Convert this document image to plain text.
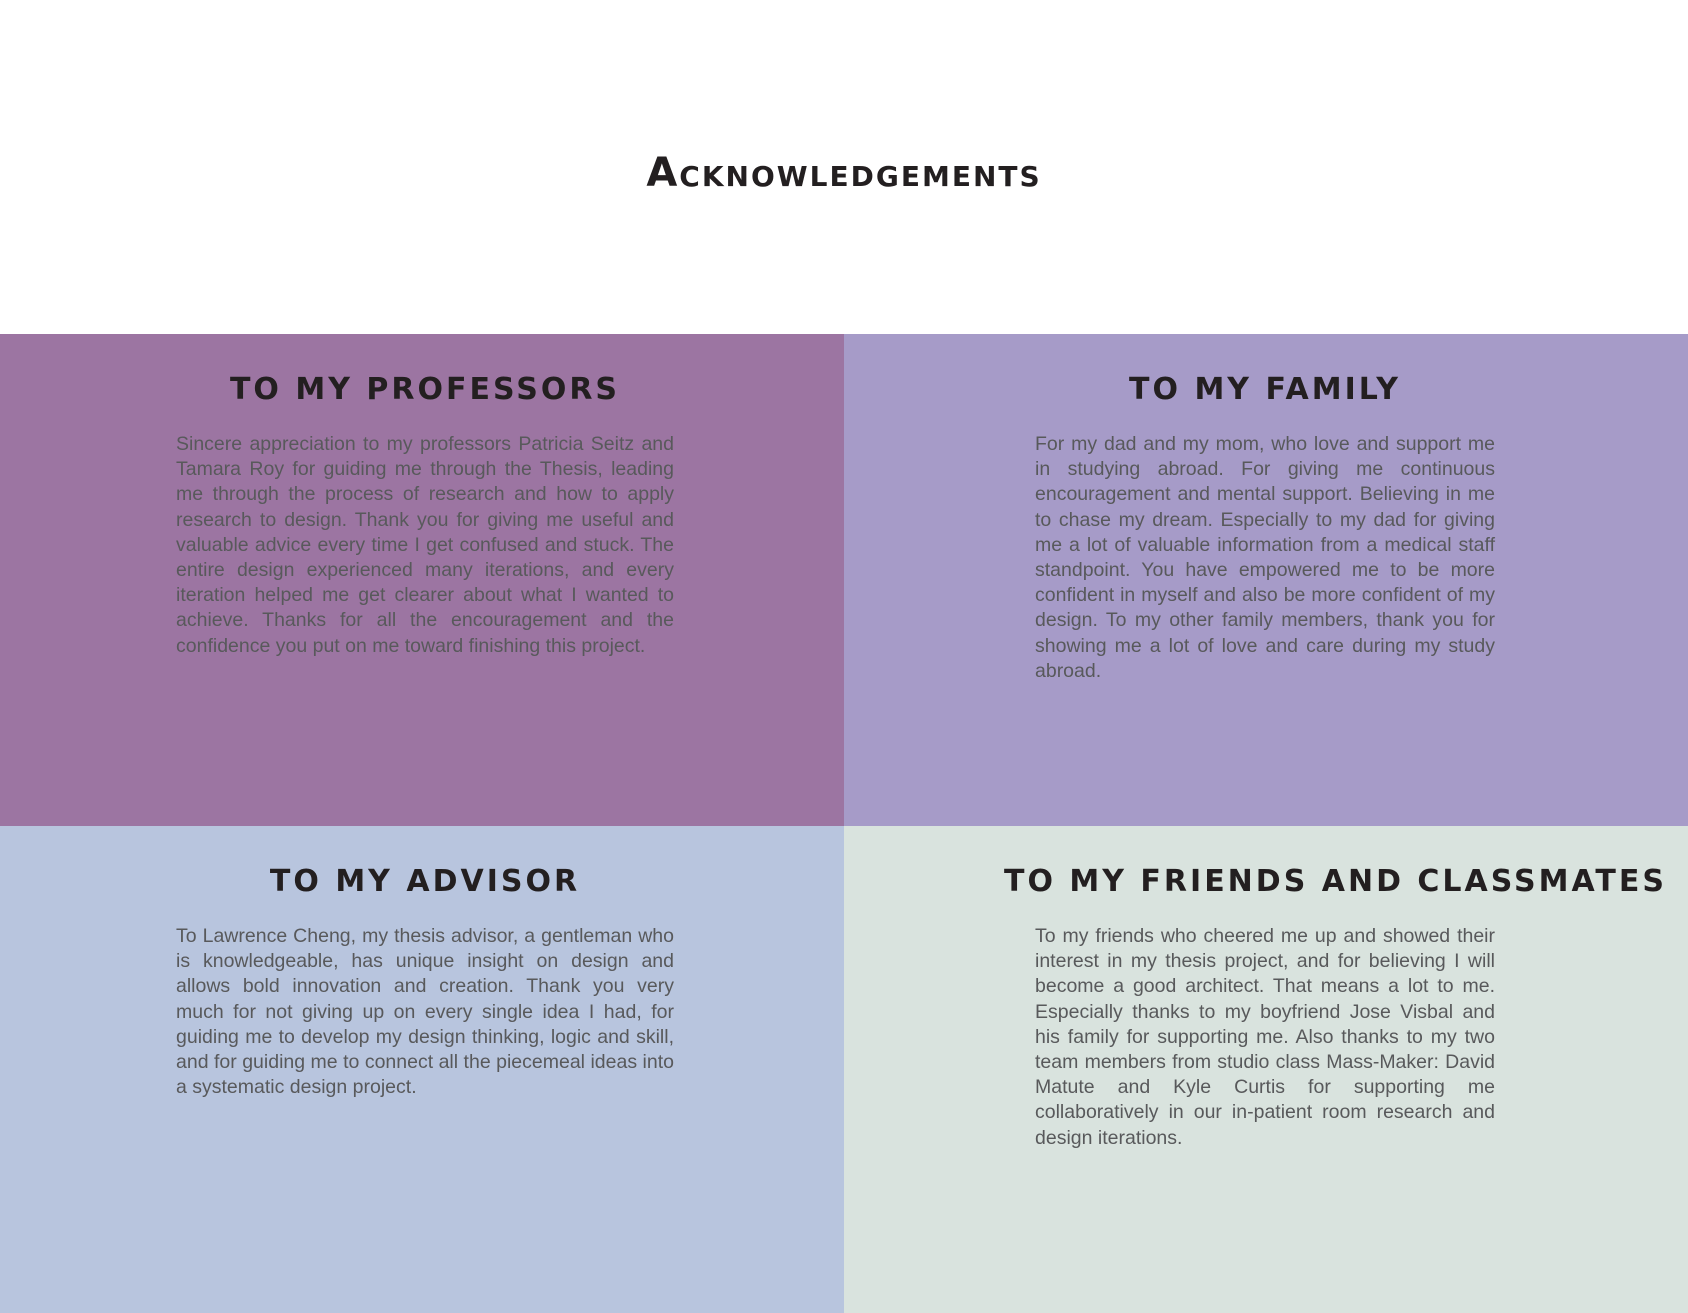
Acknowledgements
TO MY PROFESSORS

Sincere appreciation to my professors Patricia Seitz and Tamara Roy for guiding me through the Thesis, leading me through the process of research and how to apply research to design. Thank you for giving me useful and valuable advice every time I get confused and stuck. The entire design experienced many iterations, and every iteration helped me get clearer about what I wanted to achieve. Thanks for all the encouragement and the confidence you put on me toward finishing this project.

TO MY FAMILY

For my dad and my mom, who love and support me in studying abroad. For giving me continuous encouragement and mental support. Believing in me to chase my dream. Especially to my dad for giving me a lot of valuable information from a medical staff standpoint. You have empowered me to be more confident in myself and also be more confident of my design. To my other family members, thank you for showing me a lot of love and care during my study abroad.

TO MY ADVISOR

To Lawrence Cheng, my thesis advisor, a gentleman who is knowledgeable, has unique insight on design and allows bold innovation and creation. Thank you very much for not giving up on every single idea I had, for guiding me to develop my design thinking, logic and skill, and for guiding me to connect all the piecemeal ideas into a systematic design project.

TO MY FRIENDS AND CLASSMATES

To my friends who cheered me up and showed their interest in my thesis project, and for believing I will become a good architect. That means a lot to me. Especially thanks to my boyfriend Jose Visbal and his family for supporting me. Also thanks to my two team members from studio class Mass-Maker: David Matute and Kyle Curtis for supporting me collaboratively in our in-patient room research and design iterations.
